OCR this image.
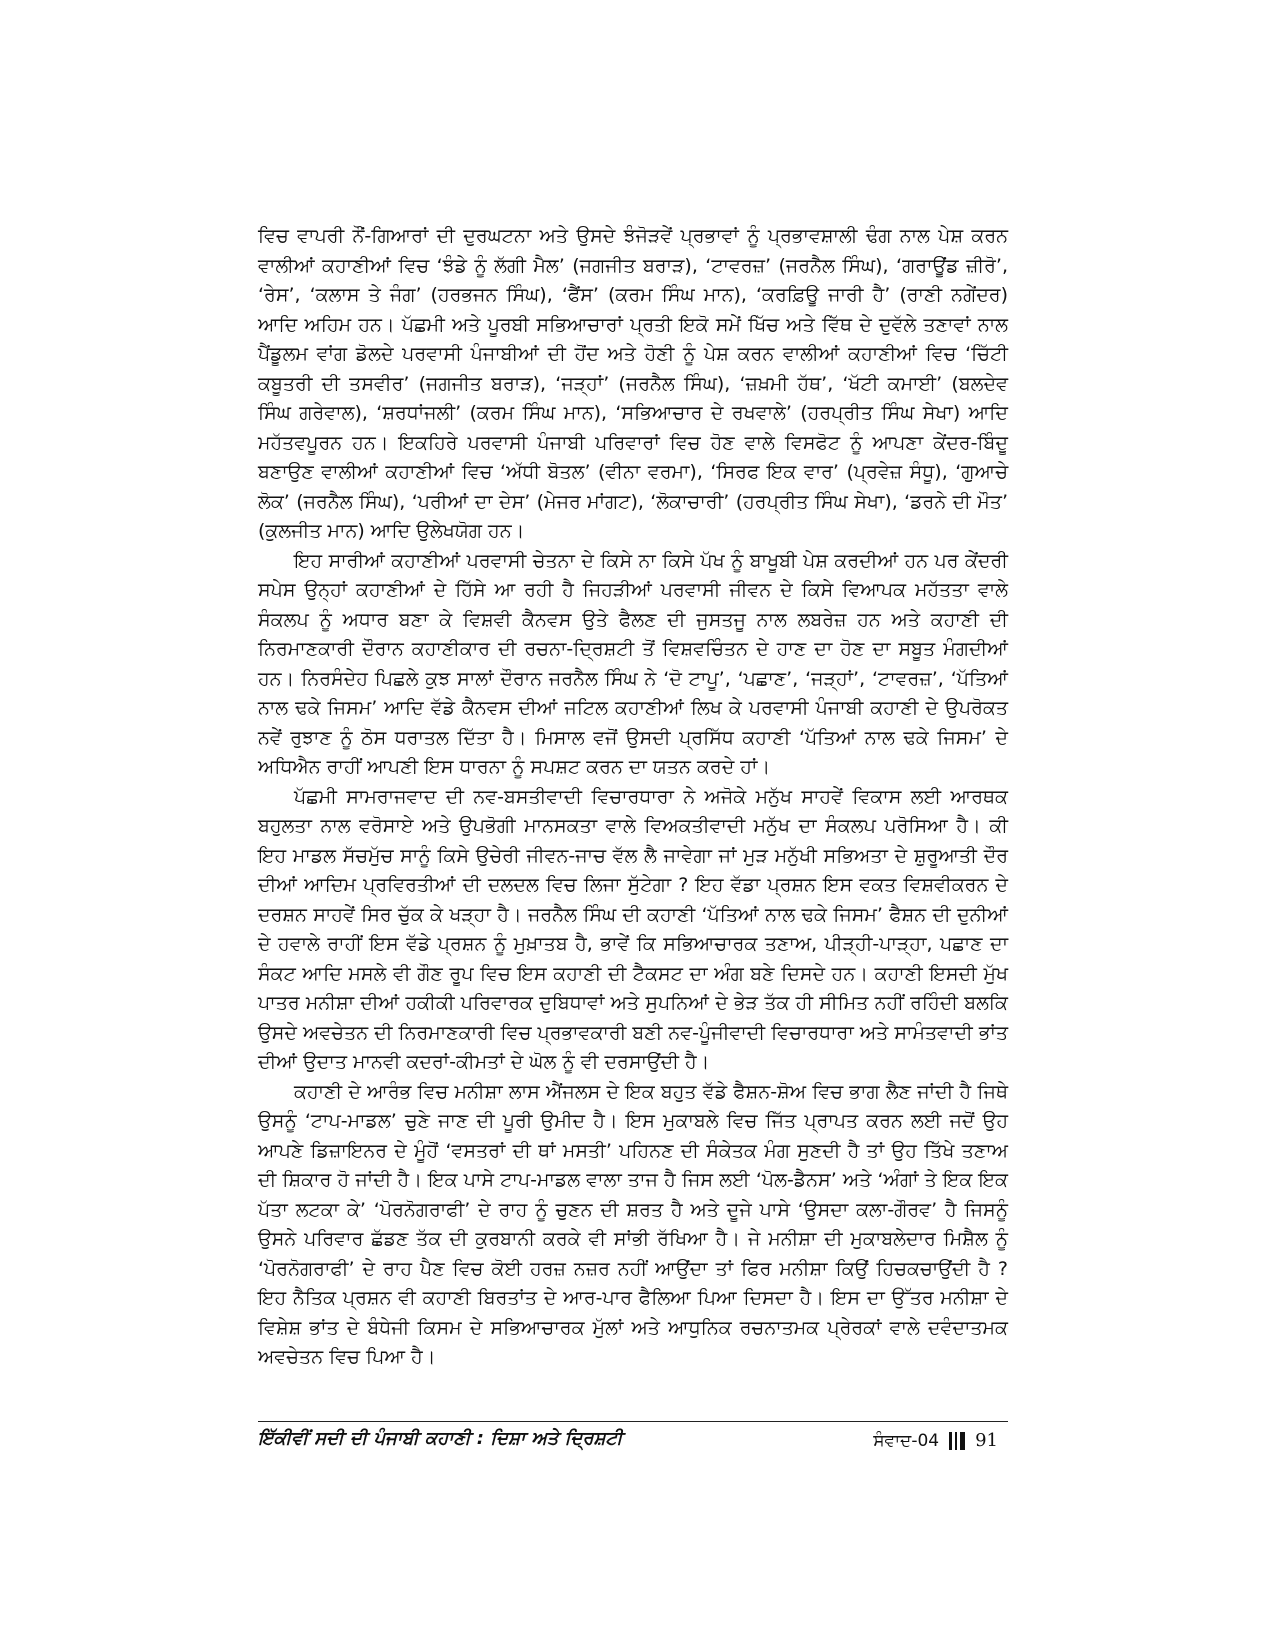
ਵਿਚ ਵਾਪਰੀ ਨੌਂ-ਗਿਆਰਾਂ ਦੀ ਦੁਰਘਟਨਾ ਅਤੇ ਉਸਦੇ ਝੰਜੋੜਵੇਂ ਪ੍ਰਭਾਵਾਂ ਨੂੰ ਪ੍ਰਭਾਵਸ਼ਾਲੀ ਢੰਗ ਨਾਲ ਪੇਸ਼ ਕਰਨ ਵਾਲੀਆਂ ਕਹਾਣੀਆਂ ਵਿਚ ‘ਝੰਡੇ ਨੂੰ ਲੱਗੀ ਮੈਲ’ (ਜਗਜੀਤ ਬਰਾੜ), ‘ਟਾਵਰਜ਼’ (ਜਰਨੈਲ ਸਿੰਘ), ‘ਗਰਾਊਂਡ ਜ਼ੀਰੋ’, ‘ਰੇਸ’, ‘ਕਲਾਸ ਤੇ ਜੰਗ’ (ਹਰਭਜਨ ਸਿੰਘ), ‘ਫੈਂਸ’ (ਕਰਮ ਸਿੰਘ ਮਾਨ), ‘ਕਰਫ਼ਿਊ ਜਾਰੀ ਹੈ’ (ਰਾਣੀ ਨਗੇਂਦਰ) ਆਦਿ ਅਹਿਮ ਹਨ। ਪੱਛਮੀ ਅਤੇ ਪੂਰਬੀ ਸਭਿਆਚਾਰਾਂ ਪ੍ਰਤੀ ਇਕੋ ਸਮੇਂ ਖਿੱਚ ਅਤੇ ਵਿੱਥ ਦੇ ਦੁਵੱਲੇ ਤਣਾਵਾਂ ਨਾਲ ਪੈਂਡੂਲਮ ਵਾਂਗ ਡੋਲਦੇ ਪਰਵਾਸੀ ਪੰਜਾਬੀਆਂ ਦੀ ਹੋਂਦ ਅਤੇ ਹੋਣੀ ਨੂੰ ਪੇਸ਼ ਕਰਨ ਵਾਲੀਆਂ ਕਹਾਣੀਆਂ ਵਿਚ ‘ਚਿੱਟੀ ਕਬੂਤਰੀ ਦੀ ਤਸਵੀਰ’ (ਜਗਜੀਤ ਬਰਾੜ), ‘ਜੜ੍ਹਾਂ’ (ਜਰਨੈਲ ਸਿੰਘ), ‘ਜ਼ਖ਼ਮੀ ਹੱਥ’, ‘ਖੱਟੀ ਕਮਾਈ’ (ਬਲਦੇਵ ਸਿੰਘ ਗਰੇਵਾਲ), ‘ਸ਼ਰਧਾਂਜਲੀ’ (ਕਰਮ ਸਿੰਘ ਮਾਨ), ‘ਸਭਿਆਚਾਰ ਦੇ ਰਖਵਾਲੇ’ (ਹਰਪ੍ਰੀਤ ਸਿੰਘ ਸੇਖਾ) ਆਦਿ ਮਹੱਤਵਪੂਰਨ ਹਨ। ਇਕਹਿਰੇ ਪਰਵਾਸੀ ਪੰਜਾਬੀ ਪਰਿਵਾਰਾਂ ਵਿਚ ਹੋਣ ਵਾਲੇ ਵਿਸਫੋਟ ਨੂੰ ਆਪਣਾ ਕੇਂਦਰ-ਬਿੰਦੂ ਬਣਾਉਣ ਵਾਲੀਆਂ ਕਹਾਣੀਆਂ ਵਿਚ ‘ਅੱਧੀ ਬੋਤਲ’ (ਵੀਨਾ ਵਰਮਾ), ‘ਸਿਰਫ ਇਕ ਵਾਰ’ (ਪ੍ਰਵੇਜ਼ ਸੰਧੂ), ‘ਗੁਆਚੇ ਲੋਕ’ (ਜਰਨੈਲ ਸਿੰਘ), ‘ਪਰੀਆਂ ਦਾ ਦੇਸ’ (ਮੇਜਰ ਮਾਂਗਟ), ‘ਲੋਕਾਚਾਰੀ’ (ਹਰਪ੍ਰੀਤ ਸਿੰਘ ਸੇਖਾ), ‘ਡਰਨੇ ਦੀ ਮੌਤ’ (ਕੁਲਜੀਤ ਮਾਨ) ਆਦਿ ਉਲੇਖਯੋਗ ਹਨ।

ਇਹ ਸਾਰੀਆਂ ਕਹਾਣੀਆਂ ਪਰਵਾਸੀ ਚੇਤਨਾ ਦੇ ਕਿਸੇ ਨਾ ਕਿਸੇ ਪੱਖ ਨੂੰ ਬਾਖੂਬੀ ਪੇਸ਼ ਕਰਦੀਆਂ ਹਨ ਪਰ ਕੇਂਦਰੀ ਸਪੇਸ ਉਨ੍ਹਾਂ ਕਹਾਣੀਆਂ ਦੇ ਹਿੱਸੇ ਆ ਰਹੀ ਹੈ ਜਿਹੜੀਆਂ ਪਰਵਾਸੀ ਜੀਵਨ ਦੇ ਕਿਸੇ ਵਿਆਪਕ ਮਹੱਤਤਾ ਵਾਲੇ ਸੰਕਲਪ ਨੂੰ ਅਧਾਰ ਬਣਾ ਕੇ ਵਿਸ਼ਵੀ ਕੈਨਵਸ ਉਤੇ ਫੈਲਣ ਦੀ ਜੁਸਤਜੂ ਨਾਲ ਲਬਰੇਜ਼ ਹਨ ਅਤੇ ਕਹਾਣੀ ਦੀ ਨਿਰਮਾਣਕਾਰੀ ਦੌਰਾਨ ਕਹਾਣੀਕਾਰ ਦੀ ਰਚਨਾ-ਦ੍ਰਿਸ਼ਟੀ ਤੋਂ ਵਿਸ਼ਵਚਿੰਤਨ ਦੇ ਹਾਣ ਦਾ ਹੋਣ ਦਾ ਸਬੂਤ ਮੰਗਦੀਆਂ ਹਨ। ਨਿਰਸੰਦੇਹ ਪਿਛਲੇ ਕੁਝ ਸਾਲਾਂ ਦੌਰਾਨ ਜਰਨੈਲ ਸਿੰਘ ਨੇ ‘ਦੋ ਟਾਪੂ’, ‘ਪਛਾਣ’, ‘ਜੜ੍ਹਾਂ’, ‘ਟਾਵਰਜ਼’, ‘ਪੱਤਿਆਂ ਨਾਲ ਢਕੇ ਜਿਸਮ’ ਆਦਿ ਵੱਡੇ ਕੈਨਵਸ ਦੀਆਂ ਜਟਿਲ ਕਹਾਣੀਆਂ ਲਿਖ ਕੇ ਪਰਵਾਸੀ ਪੰਜਾਬੀ ਕਹਾਣੀ ਦੇ ਉਪਰੋਕਤ ਨਵੇਂ ਰੁਝਾਣ ਨੂੰ ਠੋਸ ਧਰਾਤਲ ਦਿੱਤਾ ਹੈ। ਮਿਸਾਲ ਵਜੋਂ ਉਸਦੀ ਪ੍ਰਸਿੱਧ ਕਹਾਣੀ ‘ਪੱਤਿਆਂ ਨਾਲ ਢਕੇ ਜਿਸਮ’ ਦੇ ਅਧਿਐਨ ਰਾਹੀਂ ਆਪਣੀ ਇਸ ਧਾਰਨਾ ਨੂੰ ਸਪਸ਼ਟ ਕਰਨ ਦਾ ਯਤਨ ਕਰਦੇ ਹਾਂ।

ਪੱਛਮੀ ਸਾਮਰਾਜਵਾਦ ਦੀ ਨਵ-ਬਸਤੀਵਾਦੀ ਵਿਚਾਰਧਾਰਾ ਨੇ ਅਜੋਕੇ ਮਨੁੱਖ ਸਾਹਵੇਂ ਵਿਕਾਸ ਲਈ ਆਰਥਕ ਬਹੁਲਤਾ ਨਾਲ ਵਰੋਸਾਏ ਅਤੇ ਉਪਭੋਗੀ ਮਾਨਸਕਤਾ ਵਾਲੇ ਵਿਅਕਤੀਵਾਦੀ ਮਨੁੱਖ ਦਾ ਸੰਕਲਪ ਪਰੋਸਿਆ ਹੈ। ਕੀ ਇਹ ਮਾਡਲ ਸੱਚਮੁੱਚ ਸਾਨੂੰ ਕਿਸੇ ਉਚੇਰੀ ਜੀਵਨ-ਜਾਚ ਵੱਲ ਲੈ ਜਾਵੇਗਾ ਜਾਂ ਮੁੜ ਮਨੁੱਖੀ ਸਭਿਅਤਾ ਦੇ ਸ਼ੁਰੂਆਤੀ ਦੌਰ ਦੀਆਂ ਆਦਿਮ ਪ੍ਰਵਿਰਤੀਆਂ ਦੀ ਦਲਦਲ ਵਿਚ ਲਿਜਾ ਸੁੱਟੇਗਾ ? ਇਹ ਵੱਡਾ ਪ੍ਰਸ਼ਨ ਇਸ ਵਕਤ ਵਿਸ਼ਵੀਕਰਨ ਦੇ ਦਰਸ਼ਨ ਸਾਹਵੇਂ ਸਿਰ ਚੁੱਕ ਕੇ ਖੜ੍ਹਾ ਹੈ। ਜਰਨੈਲ ਸਿੰਘ ਦੀ ਕਹਾਣੀ ‘ਪੱਤਿਆਂ ਨਾਲ ਢਕੇ ਜਿਸਮ’ ਫੈਸ਼ਨ ਦੀ ਦੁਨੀਆਂ ਦੇ ਹਵਾਲੇ ਰਾਹੀਂ ਇਸ ਵੱਡੇ ਪ੍ਰਸ਼ਨ ਨੂੰ ਮੁਖ਼ਾਤਬ ਹੈ, ਭਾਵੇਂ ਕਿ ਸਭਿਆਚਾਰਕ ਤਣਾਅ, ਪੀੜ੍ਹੀ-ਪਾੜ੍ਹਾ, ਪਛਾਣ ਦਾ ਸੰਕਟ ਆਦਿ ਮਸਲੇ ਵੀ ਗੌਣ ਰੂਪ ਵਿਚ ਇਸ ਕਹਾਣੀ ਦੀ ਟੈਕਸਟ ਦਾ ਅੰਗ ਬਣੇ ਦਿਸਦੇ ਹਨ। ਕਹਾਣੀ ਇਸਦੀ ਮੁੱਖ ਪਾਤਰ ਮਨੀਸ਼ਾ ਦੀਆਂ ਹਕੀਕੀ ਪਰਿਵਾਰਕ ਦੁਬਿਧਾਵਾਂ ਅਤੇ ਸੁਪਨਿਆਂ ਦੇ ਭੇੜ ਤੱਕ ਹੀ ਸੀਮਿਤ ਨਹੀਂ ਰਹਿੰਦੀ ਬਲਕਿ ਉਸਦੇ ਅਵਚੇਤਨ ਦੀ ਨਿਰਮਾਣਕਾਰੀ ਵਿਚ ਪ੍ਰਭਾਵਕਾਰੀ ਬਣੀ ਨਵ-ਪੂੰਜੀਵਾਦੀ ਵਿਚਾਰਧਾਰਾ ਅਤੇ ਸਾਮੰਤਵਾਦੀ ਭਾਂਤ ਦੀਆਂ ਉਦਾਤ ਮਾਨਵੀ ਕਦਰਾਂ-ਕੀਮਤਾਂ ਦੇ ਘੋਲ ਨੂੰ ਵੀ ਦਰਸਾਉਂਦੀ ਹੈ।

ਕਹਾਣੀ ਦੇ ਆਰੰਭ ਵਿਚ ਮਨੀਸ਼ਾ ਲਾਸ ਐਂਜਲਸ ਦੇ ਇਕ ਬਹੁਤ ਵੱਡੇ ਫੈਸ਼ਨ-ਸ਼ੋਅ ਵਿਚ ਭਾਗ ਲੈਣ ਜਾਂਦੀ ਹੈ ਜਿਥੇ ਉਸਨੂੰ ‘ਟਾਪ-ਮਾਡਲ’ ਚੁਣੇ ਜਾਣ ਦੀ ਪੂਰੀ ਉਮੀਦ ਹੈ। ਇਸ ਮੁਕਾਬਲੇ ਵਿਚ ਜਿੱਤ ਪ੍ਰਾਪਤ ਕਰਨ ਲਈ ਜਦੋਂ ਉਹ ਆਪਣੇ ਡਿਜ਼ਾਇਨਰ ਦੇ ਮੂੰਹੋਂ ‘ਵਸਤਰਾਂ ਦੀ ਥਾਂ ਮਸਤੀ’ ਪਹਿਨਣ ਦੀ ਸੰਕੇਤਕ ਮੰਗ ਸੁਣਦੀ ਹੈ ਤਾਂ ਉਹ ਤਿੱਖੇ ਤਣਾਅ ਦੀ ਸ਼ਿਕਾਰ ਹੋ ਜਾਂਦੀ ਹੈ। ਇਕ ਪਾਸੇ ਟਾਪ-ਮਾਡਲ ਵਾਲਾ ਤਾਜ ਹੈ ਜਿਸ ਲਈ ‘ਪੋਲ-ਡੈਨਸ’ ਅਤੇ ‘ਅੰਗਾਂ ਤੇ ਇਕ ਇਕ ਪੱਤਾ ਲਟਕਾ ਕੇ’ ‘ਪੋਰਨੋਗਰਾਫੀ’ ਦੇ ਰਾਹ ਨੂੰ ਚੁਣਨ ਦੀ ਸ਼ਰਤ ਹੈ ਅਤੇ ਦੂਜੇ ਪਾਸੇ ‘ਉਸਦਾ ਕਲਾ-ਗੌਰਵ’ ਹੈ ਜਿਸਨੂੰ ਉਸਨੇ ਪਰਿਵਾਰ ਛੱਡਣ ਤੱਕ ਦੀ ਕੁਰਬਾਨੀ ਕਰਕੇ ਵੀ ਸਾਂਭੀ ਰੱਖਿਆ ਹੈ। ਜੇ ਮਨੀਸ਼ਾ ਦੀ ਮੁਕਾਬਲੇਦਾਰ ਮਿਸ਼ੈਲ ਨੂੰ ‘ਪੋਰਨੋਗਰਾਫੀ’ ਦੇ ਰਾਹ ਪੈਣ ਵਿਚ ਕੋਈ ਹਰਜ਼ ਨਜ਼ਰ ਨਹੀਂ ਆਉਂਦਾ ਤਾਂ ਫਿਰ ਮਨੀਸ਼ਾ ਕਿਉਂ ਹਿਚਕਚਾਉਂਦੀ ਹੈ ? ਇਹ ਨੈਤਿਕ ਪ੍ਰਸ਼ਨ ਵੀ ਕਹਾਣੀ ਬਿਰਤਾਂਤ ਦੇ ਆਰ-ਪਾਰ ਫੈਲਿਆ ਪਿਆ ਦਿਸਦਾ ਹੈ। ਇਸ ਦਾ ਉੱਤਰ ਮਨੀਸ਼ਾ ਦੇ ਵਿਸ਼ੇਸ਼ ਭਾਂਤ ਦੇ ਬੰਧੇਜੀ ਕਿਸਮ ਦੇ ਸਭਿਆਚਾਰਕ ਮੁੱਲਾਂ ਅਤੇ ਆਧੁਨਿਕ ਰਚਨਾਤਮਕ ਪ੍ਰੇਰਕਾਂ ਵਾਲੇ ਦਵੰਦਾਤਮਕ ਅਵਚੇਤਨ ਵਿਚ ਪਿਆ ਹੈ।

ਇੱਕੀਵੀਂ ਸਦੀ ਦੀ ਪੰਜਾਬੀ ਕਹਾਣੀ : ਦਿਸ਼ਾ ਅਤੇ ਦ੍ਰਿਸ਼ਟੀ	ਸੰਵਾਦ-04 91
